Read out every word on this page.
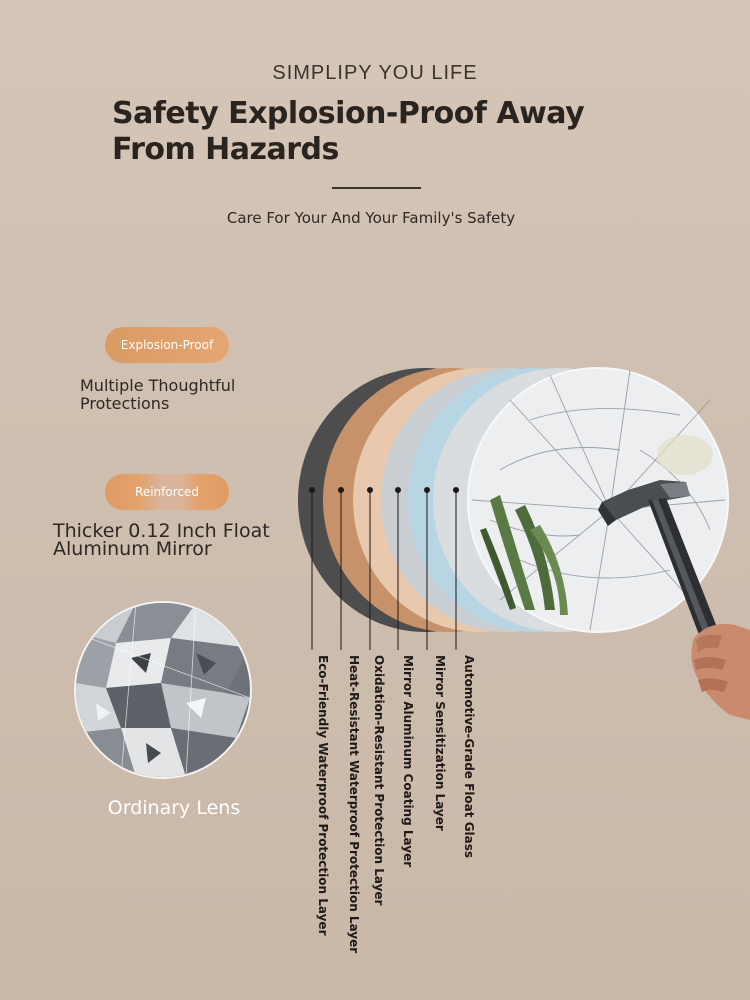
SIMPLIPY YOU LIFE
Safety Explosion-Proof Away From Hazards
Care For Your And Your Family's Safety
Explosion-Proof
Multiple Thoughtful Protections
Reinforced
Thicker 0.12 Inch Float Aluminum Mirror
Ordinary Lens	Eco-Friendly Waterproof Protection Layer Heat-Resistant Waterproof Protection Layer Oxidation-Resistant Protection Layer Mirror Aluminum Coating Layer Mirror Sensitization Layer Automotive-Grade Float Glass
